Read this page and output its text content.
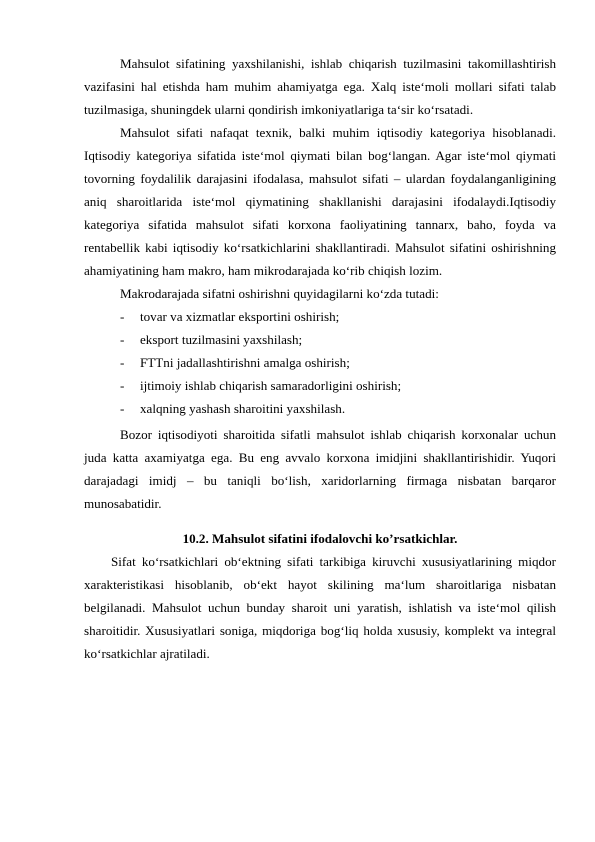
Mahsulot sifatining yaxshilanishi, ishlab chiqarish tuzilmasini takomillashtirish vazifasini hal etishda ham muhim ahamiyatga ega. Xalq iste‘moli mollari sifati talab tuzilmasiga, shuningdek ularni qondirish imkoniyatlariga ta‘sir ko‘rsatadi.

Mahsulot sifati nafaqat texnik, balki muhim iqtisodiy kategoriya hisoblanadi. Iqtisodiy kategoriya sifatida iste‘mol qiymati bilan bog‘langan. Agar iste‘mol qiymati tovorning foydalilik darajasini ifodalasa, mahsulot sifati – ulardan foydalanganligining aniq sharoitlarida iste‘mol qiymatining shakllanishi darajasini ifodalaydi.Iqtisodiy kategoriya sifatida mahsulot sifati korxona faoliyatining tannarx, baho, foyda va rentabellik kabi iqtisodiy ko‘rsatkichlarini shakllantiradi. Mahsulot sifatini oshirishning ahamiyatining ham makro, ham mikrodarajada ko‘rib chiqish lozim.

Makrodarajada sifatni oshirishni quyidagilarni ko‘zda tutadi:

-	tovar va xizmatlar eksportini oshirish;
-	eksport tuzilmasini yaxshilash;
-	FTTni jadallashtirishni amalga oshirish;
-	ijtimoiy ishlab chiqarish samaradorligini oshirish;
-	xalqning yashash sharoitini yaxshilash.

Bozor iqtisodiyoti sharoitida sifatli mahsulot ishlab chiqarish korxonalar uchun juda katta axamiyatga ega. Bu eng avvalo korxona imidjini shakllantirishidir. Yuqori darajadagi imidj – bu taniqli bo‘lish, xaridorlarning firmaga nisbatan barqaror munosabatidir.

10.2. Mahsulot sifatini ifodalovchi ko’rsatkichlar.

Sifat ko‘rsatkichlari ob‘ektning sifati tarkibiga kiruvchi xususiyatlarining miqdor xarakteristikasi hisoblanib, ob‘ekt hayot skilining ma‘lum sharoitlariga nisbatan belgilanadi. Mahsulot uchun bunday sharoit uni yaratish, ishlatish va iste‘mol qilish sharoitidir. Xususiyatlari soniga, miqdoriga bog‘liq holda xususiy, komplekt va integral ko‘rsatkichlar ajratiladi.
